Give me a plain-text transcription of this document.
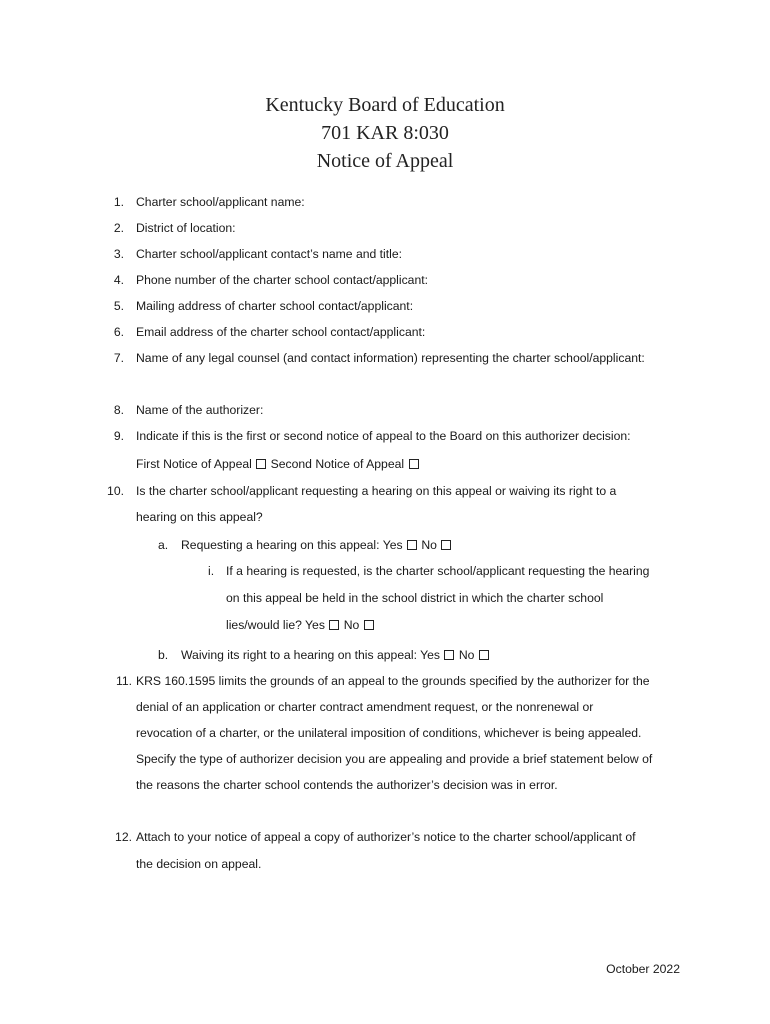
Kentucky Board of Education
701 KAR 8:030
Notice of Appeal
1. Charter school/applicant name:
2. District of location:
3. Charter school/applicant contact’s name and title:
4. Phone number of the charter school contact/applicant:
5. Mailing address of charter school contact/applicant:
6. Email address of the charter school contact/applicant:
7. Name of any legal counsel (and contact information) representing the charter school/applicant:
8. Name of the authorizer:
9. Indicate if this is the first or second notice of appeal to the Board on this authorizer decision:
First Notice of Appeal Second Notice of Appeal
10. Is the charter school/applicant requesting a hearing on this appeal or waiving its right to a
hearing on this appeal?
a. Requesting a hearing on this appeal: Yes No
i. If a hearing is requested, is the charter school/applicant requesting the hearing
on this appeal be held in the school district in which the charter school
lies/would lie? Yes No
b. Waiving its right to a hearing on this appeal: Yes No
11. KRS 160.1595 limits the grounds of an appeal to the grounds specified by the authorizer for the
denial of an application or charter contract amendment request, or the nonrenewal or
revocation of a charter, or the unilateral imposition of conditions, whichever is being appealed.
Specify the type of authorizer decision you are appealing and provide a brief statement below of
the reasons the charter school contends the authorizer’s decision was in error.
12. Attach to your notice of appeal a copy of authorizer’s notice to the charter school/applicant of
the decision on appeal.
October 2022
